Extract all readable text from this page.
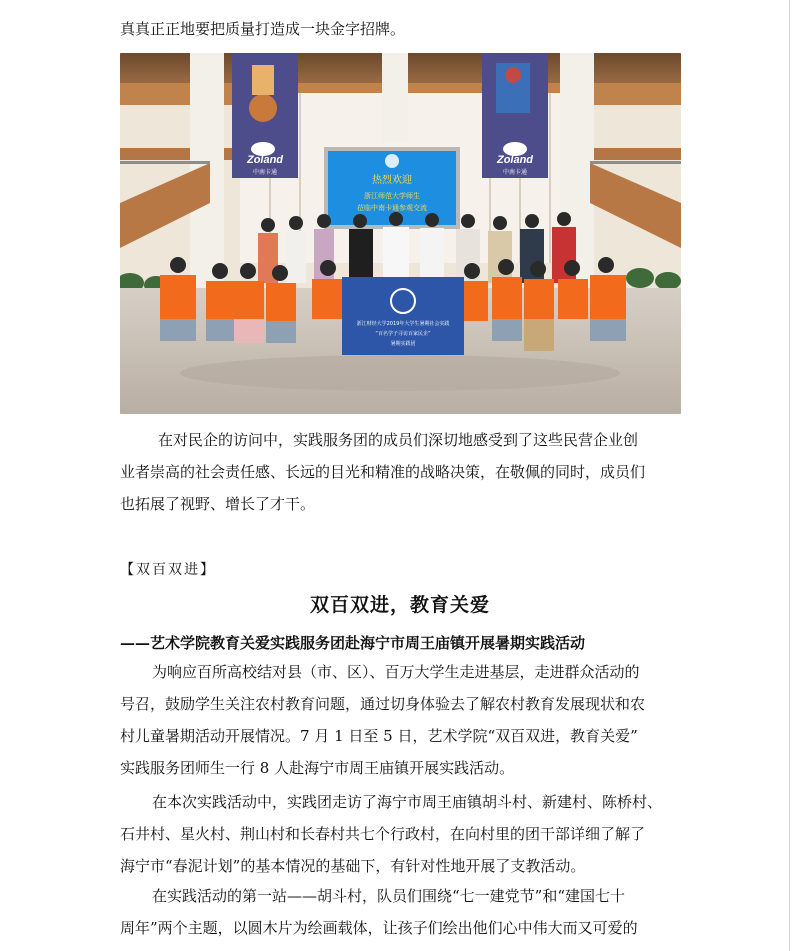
真真正正地要把质量打造成一块金字招牌。
Zoland
中南卡通
Zoland
中南卡通
热烈欢迎
浙江师范大学师生
莅临中南卡通参观交流
浙江财经大学2019年大学生暑期社会实践
“百名学子寻访百家民企”
暑期实践团
在对民企的访问中，实践服务团的成员们深切地感受到了这些民营企业创
业者崇高的社会责任感、长远的目光和精准的战略决策，在敬佩的同时，成员们
也拓展了视野、增长了才干。
【双百双进】
双百双进，教育关爱
——艺术学院教育关爱实践服务团赴海宁市周王庙镇开展暑期实践活动
为响应百所高校结对县（市、区）、百万大学生走进基层，走进群众活动的
号召，鼓励学生关注农村教育问题，通过切身体验去了解农村教育发展现状和农
村儿童暑期活动开展情况。7 月 1 日至 5 日，艺术学院“双百双进，教育关爱”
实践服务团师生一行 8 人赴海宁市周王庙镇开展实践活动。
在本次实践活动中，实践团走访了海宁市周王庙镇胡斗村、新建村、陈桥村、
石井村、星火村、荆山村和长春村共七个行政村，在向村里的团干部详细了解了
海宁市“春泥计划”的基本情况的基础下，有针对性地开展了支教活动。
在实践活动的第一站——胡斗村，队员们围绕“七一建党节”和“建国七十
周年”两个主题，以圆木片为绘画载体，让孩子们绘出他们心中伟大而又可爱的
